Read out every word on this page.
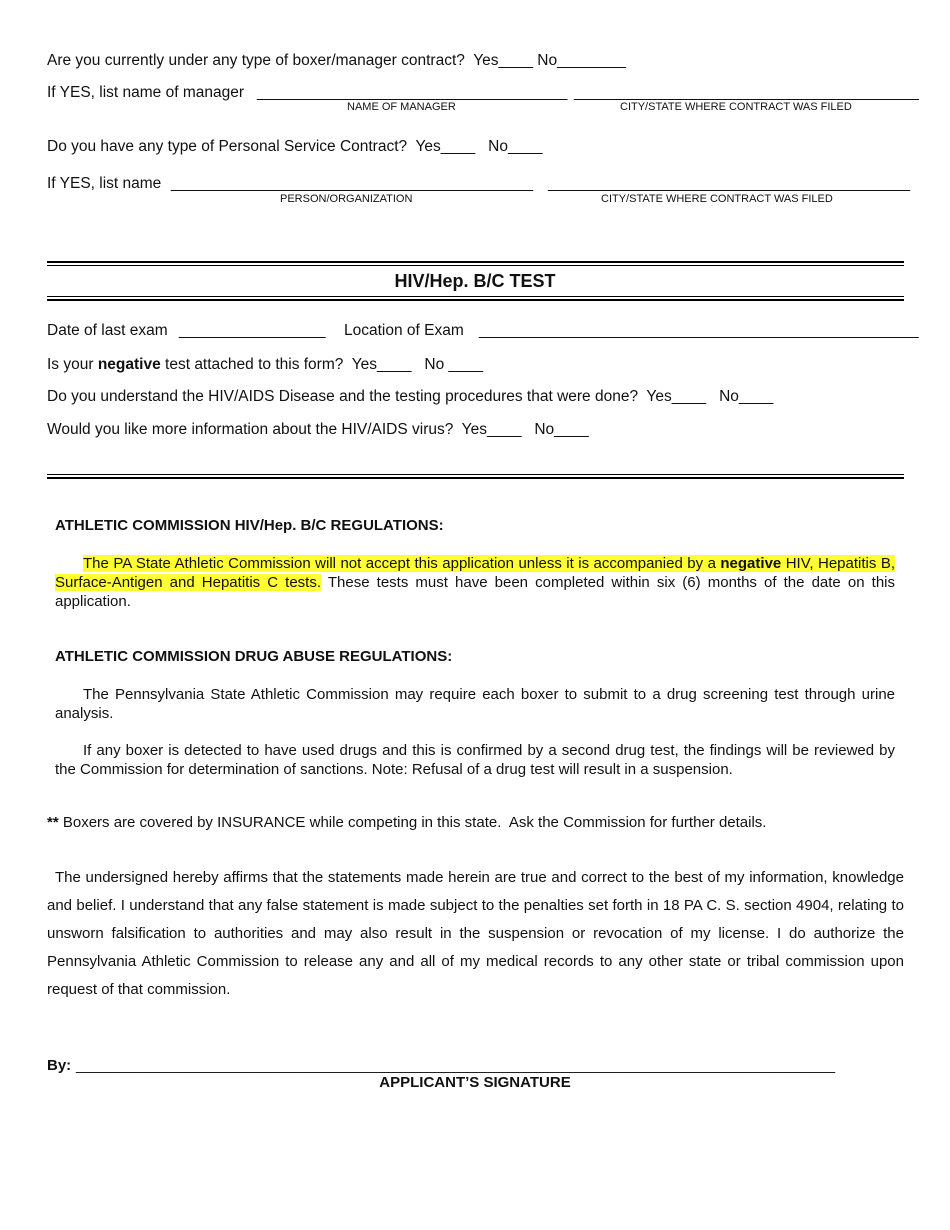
Are you currently under any type of boxer/manager contract?  Yes____ No________
If YES, list name of manager ____________________________________ ________________________________________
NAME OF MANAGER	CITY/STATE WHERE CONTRACT WAS FILED
Do you have any type of Personal Service Contract?  Yes____   No____
If YES, list name __________________________________________ __________________________________________
PERSON/ORGANIZATION	CITY/STATE WHERE CONTRACT WAS FILED
HIV/Hep. B/C TEST
Date of last exam _________________ Location of Exam ___________________________________________________
Is your negative test attached to this form?  Yes____   No ____
Do you understand the HIV/AIDS Disease and the testing procedures that were done?  Yes____   No____
Would you like more information about the HIV/AIDS virus?  Yes____   No____
ATHLETIC COMMISSION HIV/Hep. B/C REGULATIONS:
The PA State Athletic Commission will not accept this application unless it is accompanied by a negative HIV, Hepatitis B, Surface-Antigen and Hepatitis C tests. These tests must have been completed within six (6) months of the date on this application.
ATHLETIC COMMISSION DRUG ABUSE REGULATIONS:
The Pennsylvania State Athletic Commission may require each boxer to submit to a drug screening test through urine analysis.
If any boxer is detected to have used drugs and this is confirmed by a second drug test, the findings will be reviewed by the Commission for determination of sanctions. Note: Refusal of a drug test will result in a suspension.
** Boxers are covered by INSURANCE while competing in this state.  Ask the Commission for further details.
The undersigned hereby affirms that the statements made herein are true and correct to the best of my information, knowledge and belief. I understand that any false statement is made subject to the penalties set forth in 18 PA C. S. section 4904, relating to unsworn falsification to authorities and may also result in the suspension or revocation of my license. I do authorize the Pennsylvania Athletic Commission to release any and all of my medical records to any other state or tribal commission upon request of that commission.
By: ___________________________________________________________________________________________
APPLICANT’S SIGNATURE
